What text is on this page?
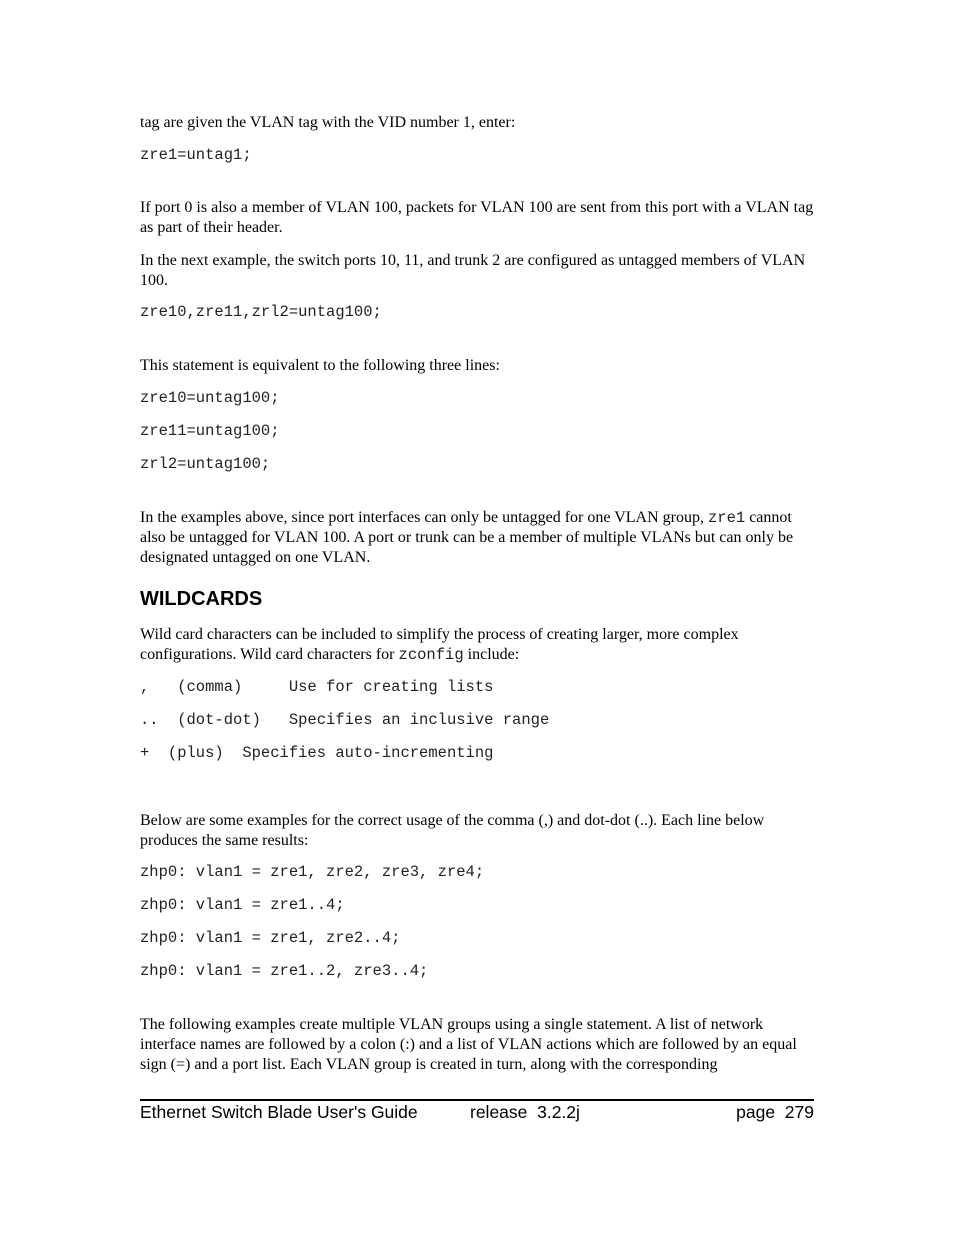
tag are given the VLAN tag with the VID number 1, enter:

zre1=untag1;

If port 0 is also a member of VLAN 100, packets for VLAN 100 are sent from this port with a VLAN tag as part of their header.

In the next example, the switch ports 10, 11, and trunk 2 are configured as untagged members of VLAN 100.

zre10,zre11,zrl2=untag100;

This statement is equivalent to the following three lines:

zre10=untag100;
zre11=untag100;
zrl2=untag100;

In the examples above, since port interfaces can only be untagged for one VLAN group, zre1 cannot also be untagged for VLAN 100. A port or trunk can be a member of multiple VLANs but can only be designated untagged on one VLAN.

WILDCARDS

Wild card characters can be included to simplify the process of creating larger, more complex configurations. Wild card characters for zconfig include:

,   (comma)     Use for creating lists
..  (dot-dot)   Specifies an inclusive range
+  (plus)  Specifies auto-incrementing

Below are some examples for the correct usage of the comma (,) and dot-dot (..). Each line below produces the same results:

zhp0: vlan1 = zre1, zre2, zre3, zre4;
zhp0: vlan1 = zre1..4;
zhp0: vlan1 = zre1, zre2..4;
zhp0: vlan1 = zre1..2, zre3..4;

The following examples create multiple VLAN groups using a single statement. A list of network interface names are followed by a colon (:) and a list of VLAN actions which are followed by an equal sign (=) and a port list. Each VLAN group is created in turn, along with the corresponding

Ethernet Switch Blade User's Guide	release  3.2.2j	page  279
